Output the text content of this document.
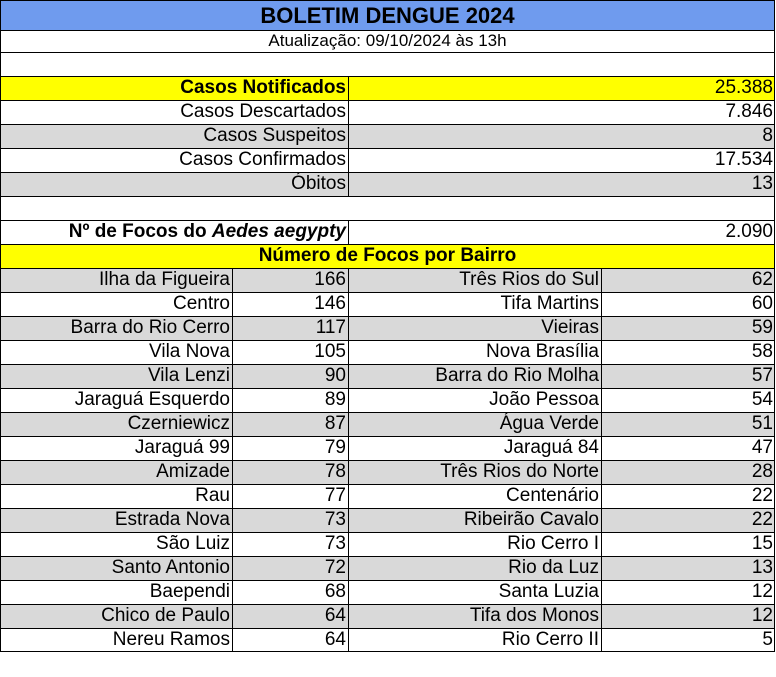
BOLETIM DENGUE 2024
Atualização: 09/10/2024 às 13h
Casos Notificados	25.388
Casos Descartados	7.846
Casos Suspeitos	8
Casos Confirmados	17.534
Óbitos	13
Nº de Focos do Aedes aegypty	2.090
Número de Focos por Bairro
Ilha da Figueira	166	Três Rios do Sul	62
Centro	146	Tifa Martins	60
Barra do Rio Cerro	117	Vieiras	59
Vila Nova	105	Nova Brasília	58
Vila Lenzi	90	Barra do Rio Molha	57
Jaraguá Esquerdo	89	João Pessoa	54
Czerniewicz	87	Água Verde	51
Jaraguá 99	79	Jaraguá 84	47
Amizade	78	Três Rios do Norte	28
Rau	77	Centenário	22
Estrada Nova	73	Ribeirão Cavalo	22
São Luiz	73	Rio Cerro I	15
Santo Antonio	72	Rio da Luz	13
Baependi	68	Santa Luzia	12
Chico de Paulo	64	Tifa dos Monos	12
Nereu Ramos	64	Rio Cerro II	5
